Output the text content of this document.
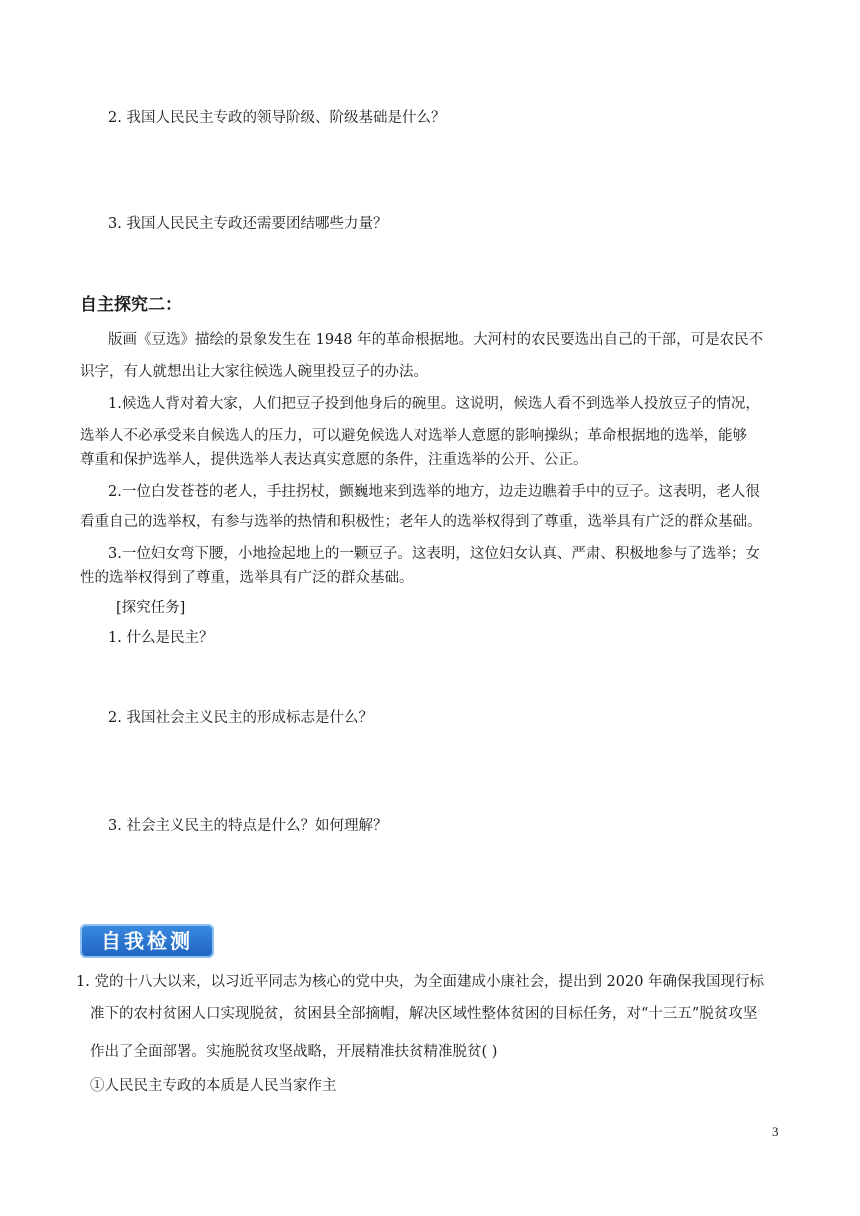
2. 我国人民民主专政的领导阶级、阶级基础是什么？
3. 我国人民民主专政还需要团结哪些力量？
自主探究二：
版画《豆选》描绘的景象发生在 1948 年的革命根据地。大河村的农民要选出自己的干部，可是农民不
识字，有人就想出让大家往候选人碗里投豆子的办法。
1.候选人背对着大家，人们把豆子投到他身后的碗里。这说明，候选人看不到选举人投放豆子的情况，
选举人不必承受来自候选人的压力，可以避免候选人对选举人意愿的影响操纵；革命根据地的选举，能够
尊重和保护选举人，提供选举人表达真实意愿的条件，注重选举的公开、公正。
2.一位白发苍苍的老人，手拄拐杖，颤巍地来到选举的地方，边走边瞧着手中的豆子。这表明，老人很
看重自己的选举权，有参与选举的热情和积极性；老年人的选举权得到了尊重，选举具有广泛的群众基础。
3.一位妇女弯下腰，小地捡起地上的一颗豆子。这表明，这位妇女认真、严肃、积极地参与了选举；女
性的选举权得到了尊重，选举具有广泛的群众基础。
[探究任务]
1. 什么是民主？
2. 我国社会主义民主的形成标志是什么？
3. 社会主义民主的特点是什么？如何理解？
自我检测
1. 党的十八大以来，以习近平同志为核心的党中央，为全面建成小康社会，提出到 2020 年确保我国现行标
准下的农村贫困人口实现脱贫，贫困县全部摘帽，解决区域性整体贫困的目标任务，对“十三五”脱贫攻坚
作出了全面部署。实施脱贫攻坚战略，开展精准扶贫精准脱贫( )
①人民民主专政的本质是人民当家作主
3
